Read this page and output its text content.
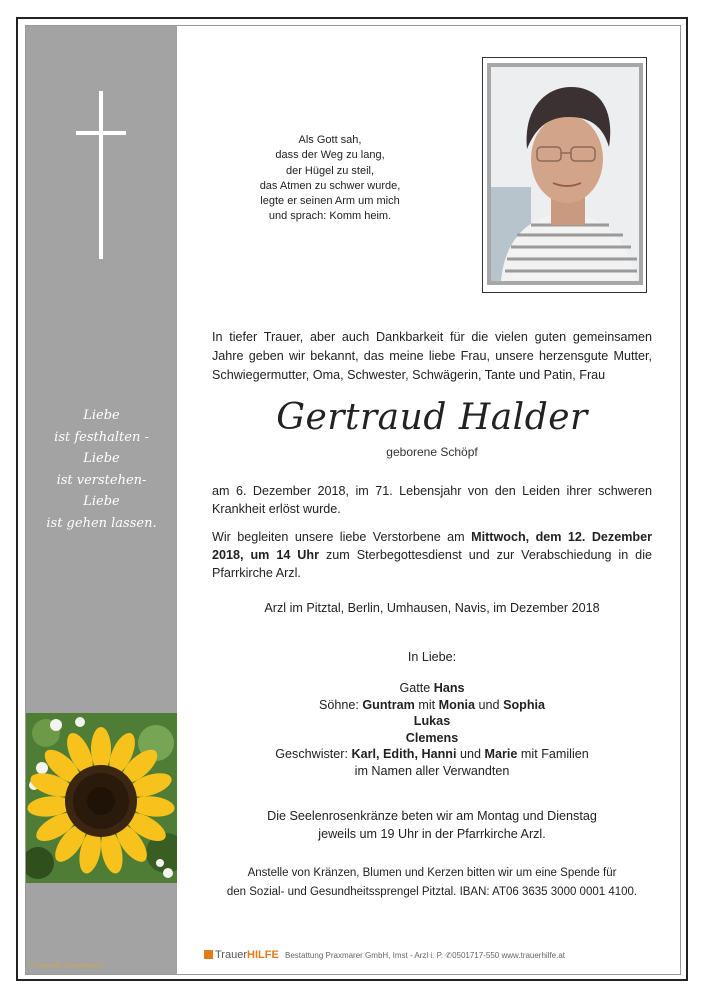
Liebe
ist festhalten -
Liebe
ist verstehen-
Liebe
ist gehen lassen.
© Trauerhilfe "Sonnenblume 1"
Als Gott sah,
dass der Weg zu lang,
der Hügel zu steil,
das Atmen zu schwer wurde,
legte er seinen Arm um mich
und sprach: Komm heim.
In tiefer Trauer, aber auch Dankbarkeit für die vielen guten gemeinsamen Jahre geben wir bekannt, das meine liebe Frau, unsere herzensgute Mutter, Schwiegermutter, Oma, Schwester, Schwägerin, Tante und Patin, Frau
Gertraud Halder
geborene Schöpf
am 6. Dezember 2018, im 71. Lebensjahr von den Leiden ihrer schweren Krankheit erlöst wurde.
Wir begleiten unsere liebe Verstorbene am Mittwoch, dem 12. Dezember 2018, um 14 Uhr zum Sterbegottesdienst und zur Verabschiedung in die Pfarrkirche Arzl.
Arzl im Pitztal, Berlin, Umhausen, Navis, im Dezember 2018
In Liebe:
Gatte Hans
Söhne: Guntram mit Monia und Sophia
Lukas
Clemens
Geschwister: Karl, Edith, Hanni und Marie mit Familien
im Namen aller Verwandten
Die Seelenrosenkränze beten wir am Montag und Dienstag
jeweils um 19 Uhr in der Pfarrkirche Arzl.
Anstelle von Kränzen, Blumen und Kerzen bitten wir um eine Spende für
den Sozial- und Gesundheitssprengel Pitztal. IBAN: AT06 3635 3000 0001 4100.
TrauerHILFE Bestattung Praxmarer GmbH, Imst - Arzl i. P. ✆0501717-550 www.trauerhilfe.at
